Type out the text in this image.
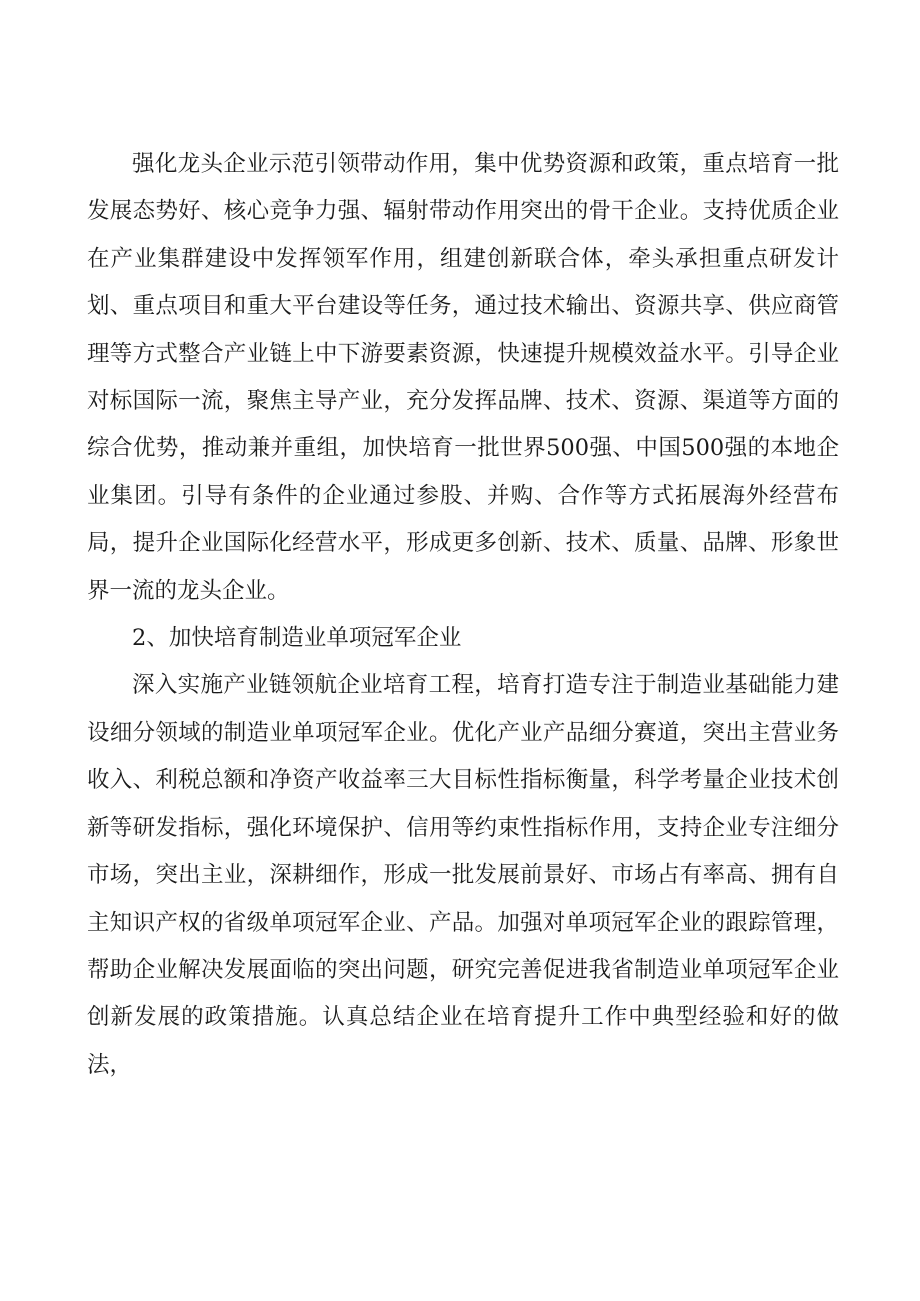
强化龙头企业示范引领带动作用，集中优势资源和政策，重点培育一批发展态势好、核心竞争力强、辐射带动作用突出的骨干企业。支持优质企业在产业集群建设中发挥领军作用，组建创新联合体，牵头承担重点研发计划、重点项目和重大平台建设等任务，通过技术输出、资源共享、供应商管理等方式整合产业链上中下游要素资源，快速提升规模效益水平。引导企业对标国际一流，聚焦主导产业，充分发挥品牌、技术、资源、渠道等方面的综合优势，推动兼并重组，加快培育一批世界500强、中国500强的本地企业集团。引导有条件的企业通过参股、并购、合作等方式拓展海外经营布局，提升企业国际化经营水平，形成更多创新、技术、质量、品牌、形象世界一流的龙头企业。

2、加快培育制造业单项冠军企业

深入实施产业链领航企业培育工程，培育打造专注于制造业基础能力建设细分领域的制造业单项冠军企业。优化产业产品细分赛道，突出主营业务收入、利税总额和净资产收益率三大目标性指标衡量，科学考量企业技术创新等研发指标，强化环境保护、信用等约束性指标作用，支持企业专注细分市场，突出主业，深耕细作，形成一批发展前景好、市场占有率高、拥有自主知识产权的省级单项冠军企业、产品。加强对单项冠军企业的跟踪管理，帮助企业解决发展面临的突出问题，研究完善促进我省制造业单项冠军企业创新发展的政策措施。认真总结企业在培育提升工作中典型经验和好的做法，
